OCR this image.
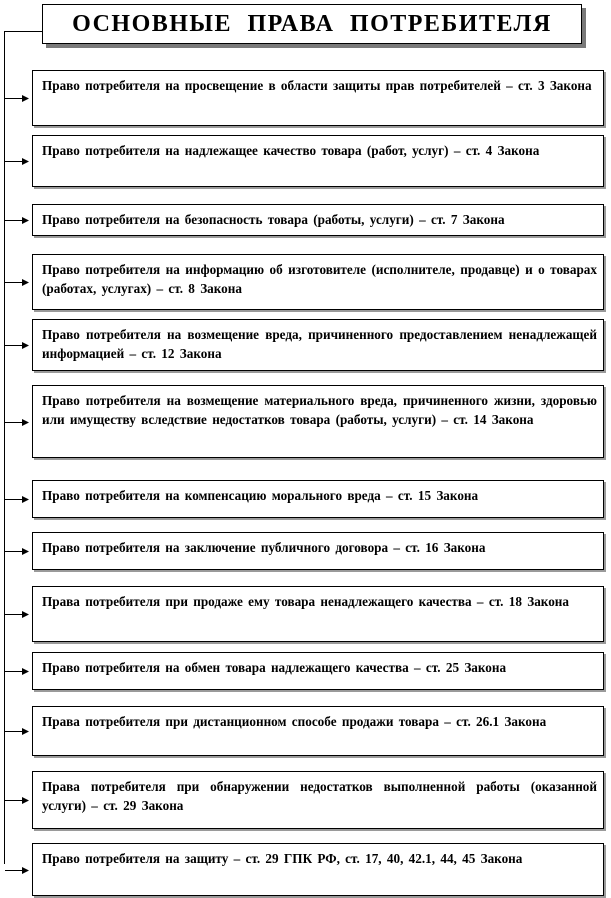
ОСНОВНЫЕ ПРАВА ПОТРЕБИТЕЛЯ
Право потребителя на просвещение в области защиты прав потребителей – ст. 3 Закона
Право потребителя на надлежащее качество товара (работ, услуг) – ст. 4 Закона
Право потребителя на безопасность товара (работы, услуги) – ст. 7 Закона
Право потребителя на информацию об изготовителе (исполнителе, продавце) и о товарах (работах, услугах) – ст. 8 Закона
Право потребителя на возмещение вреда, причиненного предоставлением ненадлежащей информацией – ст. 12 Закона
Право потребителя на возмещение материального вреда, причиненного жизни, здоровью или имуществу вследствие недостатков товара (работы, услуги) – ст. 14 Закона
Право потребителя на компенсацию морального вреда – ст. 15 Закона
Право потребителя на заключение публичного договора – ст. 16 Закона
Права потребителя при продаже ему товара ненадлежащего качества – ст. 18 Закона
Право потребителя на обмен товара надлежащего качества – ст. 25 Закона
Права потребителя при дистанционном способе продажи товара – ст. 26.1 Закона
Права потребителя при обнаружении недостатков выполненной работы (оказанной услуги) – ст. 29 Закона
Право потребителя на защиту – ст. 29 ГПК РФ, ст. 17, 40, 42.1, 44, 45 Закона
